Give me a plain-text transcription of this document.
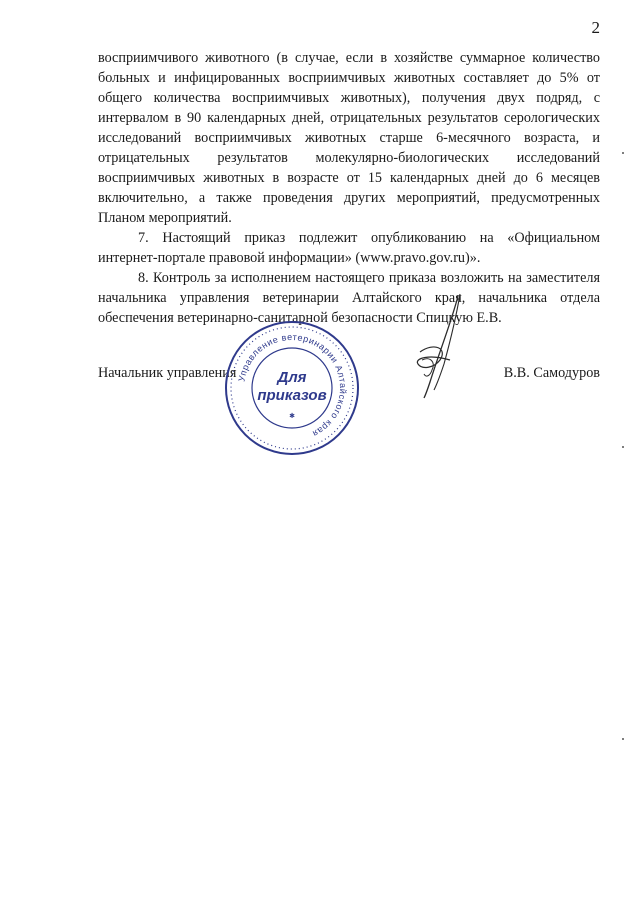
2

восприимчивого животного (в случае, если в хозяйстве суммарное количество больных и инфицированных восприимчивых животных составляет до 5% от общего количества восприимчивых животных), получения двух подряд, с интервалом в 90 календарных дней, отрицательных результатов серологических исследований восприимчивых животных старше 6-месячного возраста, и отрицательных результатов молекулярно-биологических исследований восприимчивых животных в возрасте от 15 календарных дней до 6 месяцев включительно, а также проведения других мероприятий, предусмотренных Планом мероприятий.

7. Настоящий приказ подлежит опубликованию на «Официальном интернет-портале правовой информации» (www.pravo.gov.ru)».

8. Контроль за исполнением настоящего приказа возложить на заместителя начальника управления ветеринарии Алтайского края, начальника отдела обеспечения ветеринарно-санитарной безопасности Спицкую Е.В.

Начальник управления	В.В. Самодуров
Управление ветеринарии Алтайского края
Для
приказов
✱
